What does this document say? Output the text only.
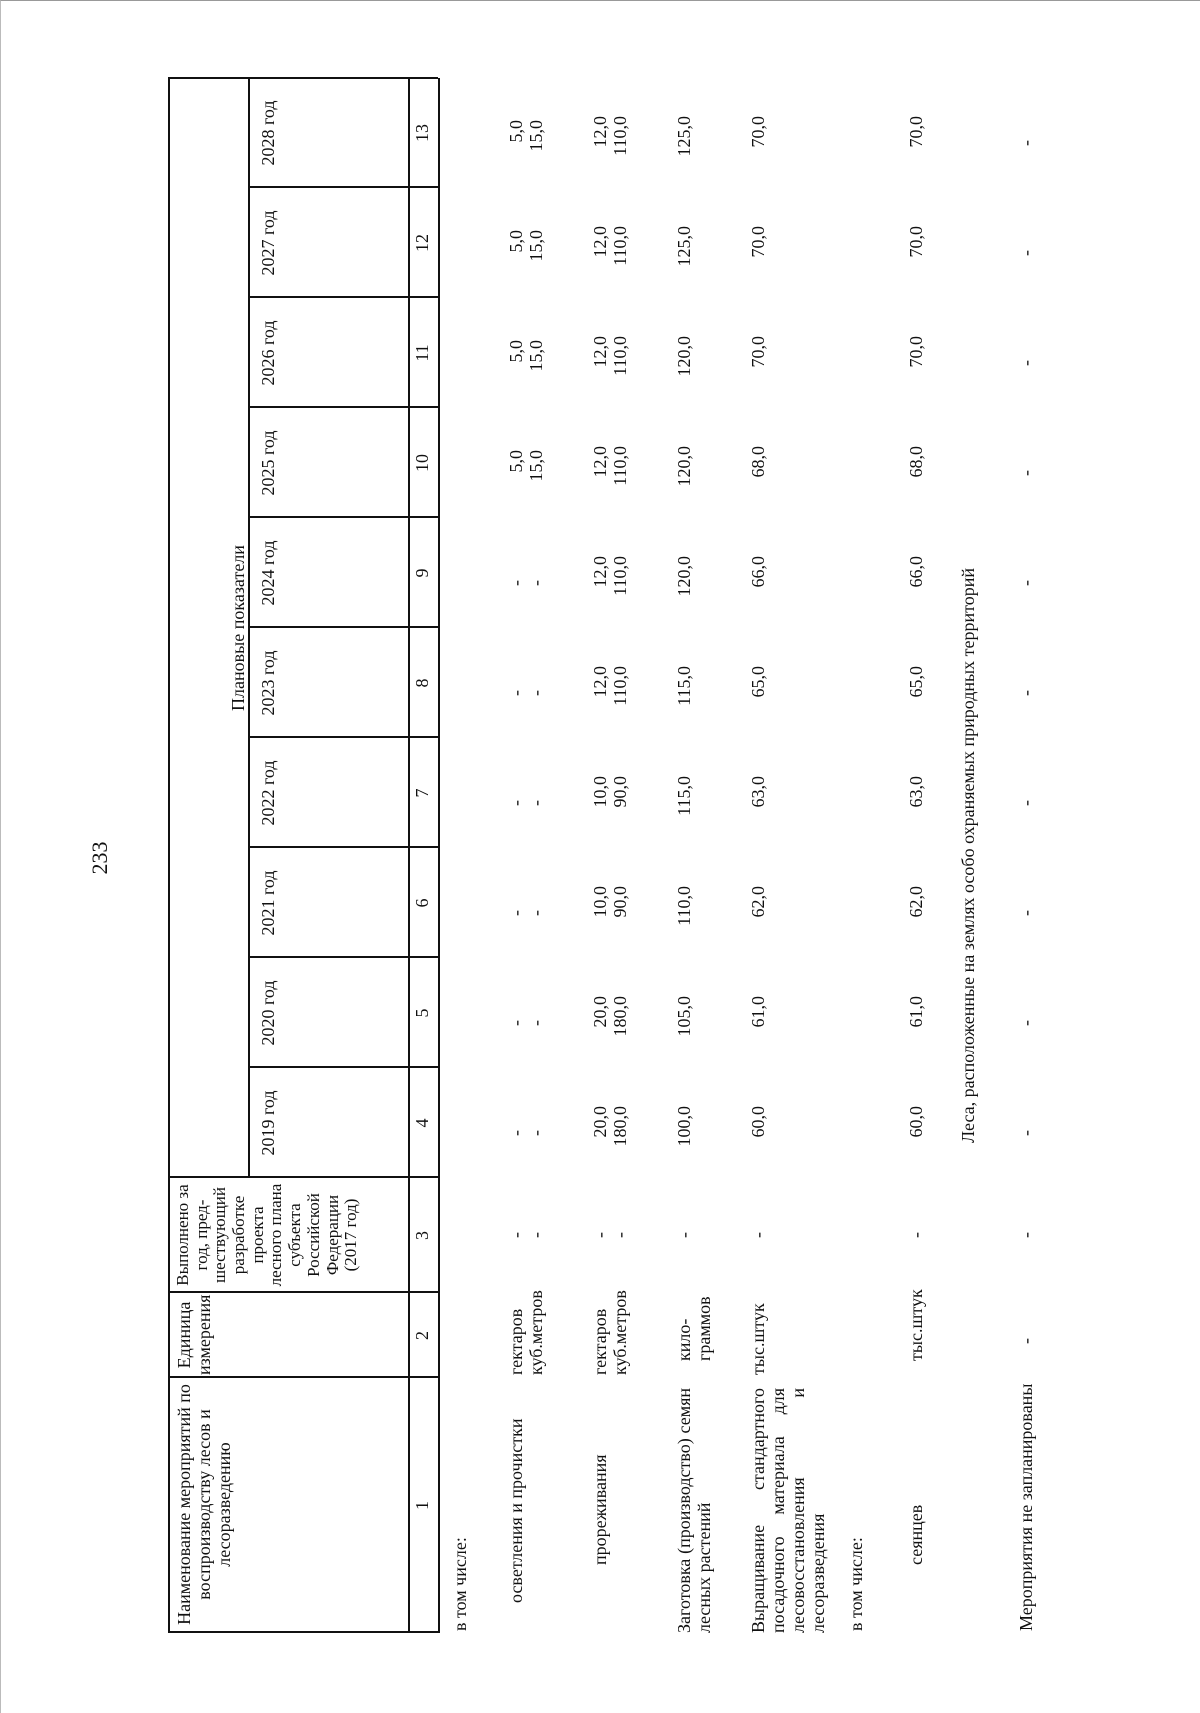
233
Наименование мероприятий по воспроизводству лесов и лесоразведению
Единица измерения
Выполнено за год, пред-шествующий разработке проекта лесного плана субъекта Российской Федерации (2017 год)
Плановые показатели
2019 год
2020 год
2021 год
2022 год
2023 год
2024 год
2025 год
2026 год
2027 год
2028 год
1
2
3
4
5
6
7
8
9
10
11
12
13
в том числе: осветления и прочистки
гектаров
куб.метров
-
-
-
-
-
-
-
-
-
-
-
-
-
-
5,0
15,0
5,0
15,0
5,0
15,0
5,0
15,0
прореживания
гектаров
куб.метров
-
-
20,0
180,0
20,0
180,0
10,0
90,0
10,0
90,0
12,0
110,0
12,0
110,0
12,0
110,0
12,0
110,0
12,0
110,0
12,0
110,0
Заготовка (производство) семян лесных растений
кило-
граммов
-
100,0
105,0
110,0
115,0
115,0
120,0
120,0
120,0
125,0
125,0
Выращивание стандартного посадочного материала для лесовосстановления и лесоразведения
тыс.штук
-
60,0
61,0
62,0
63,0
65,0
66,0
68,0
70,0
70,0
70,0
в том числе:
сеянцев
тыс.штук
-
60,0
61,0
62,0
63,0
65,0
66,0
68,0
70,0
70,0
70,0
Леса, расположенные на землях особо охраняемых природных территорий
Мероприятия не запланированы
-
-
-
-
-
-
-
-
-
-
-
-
